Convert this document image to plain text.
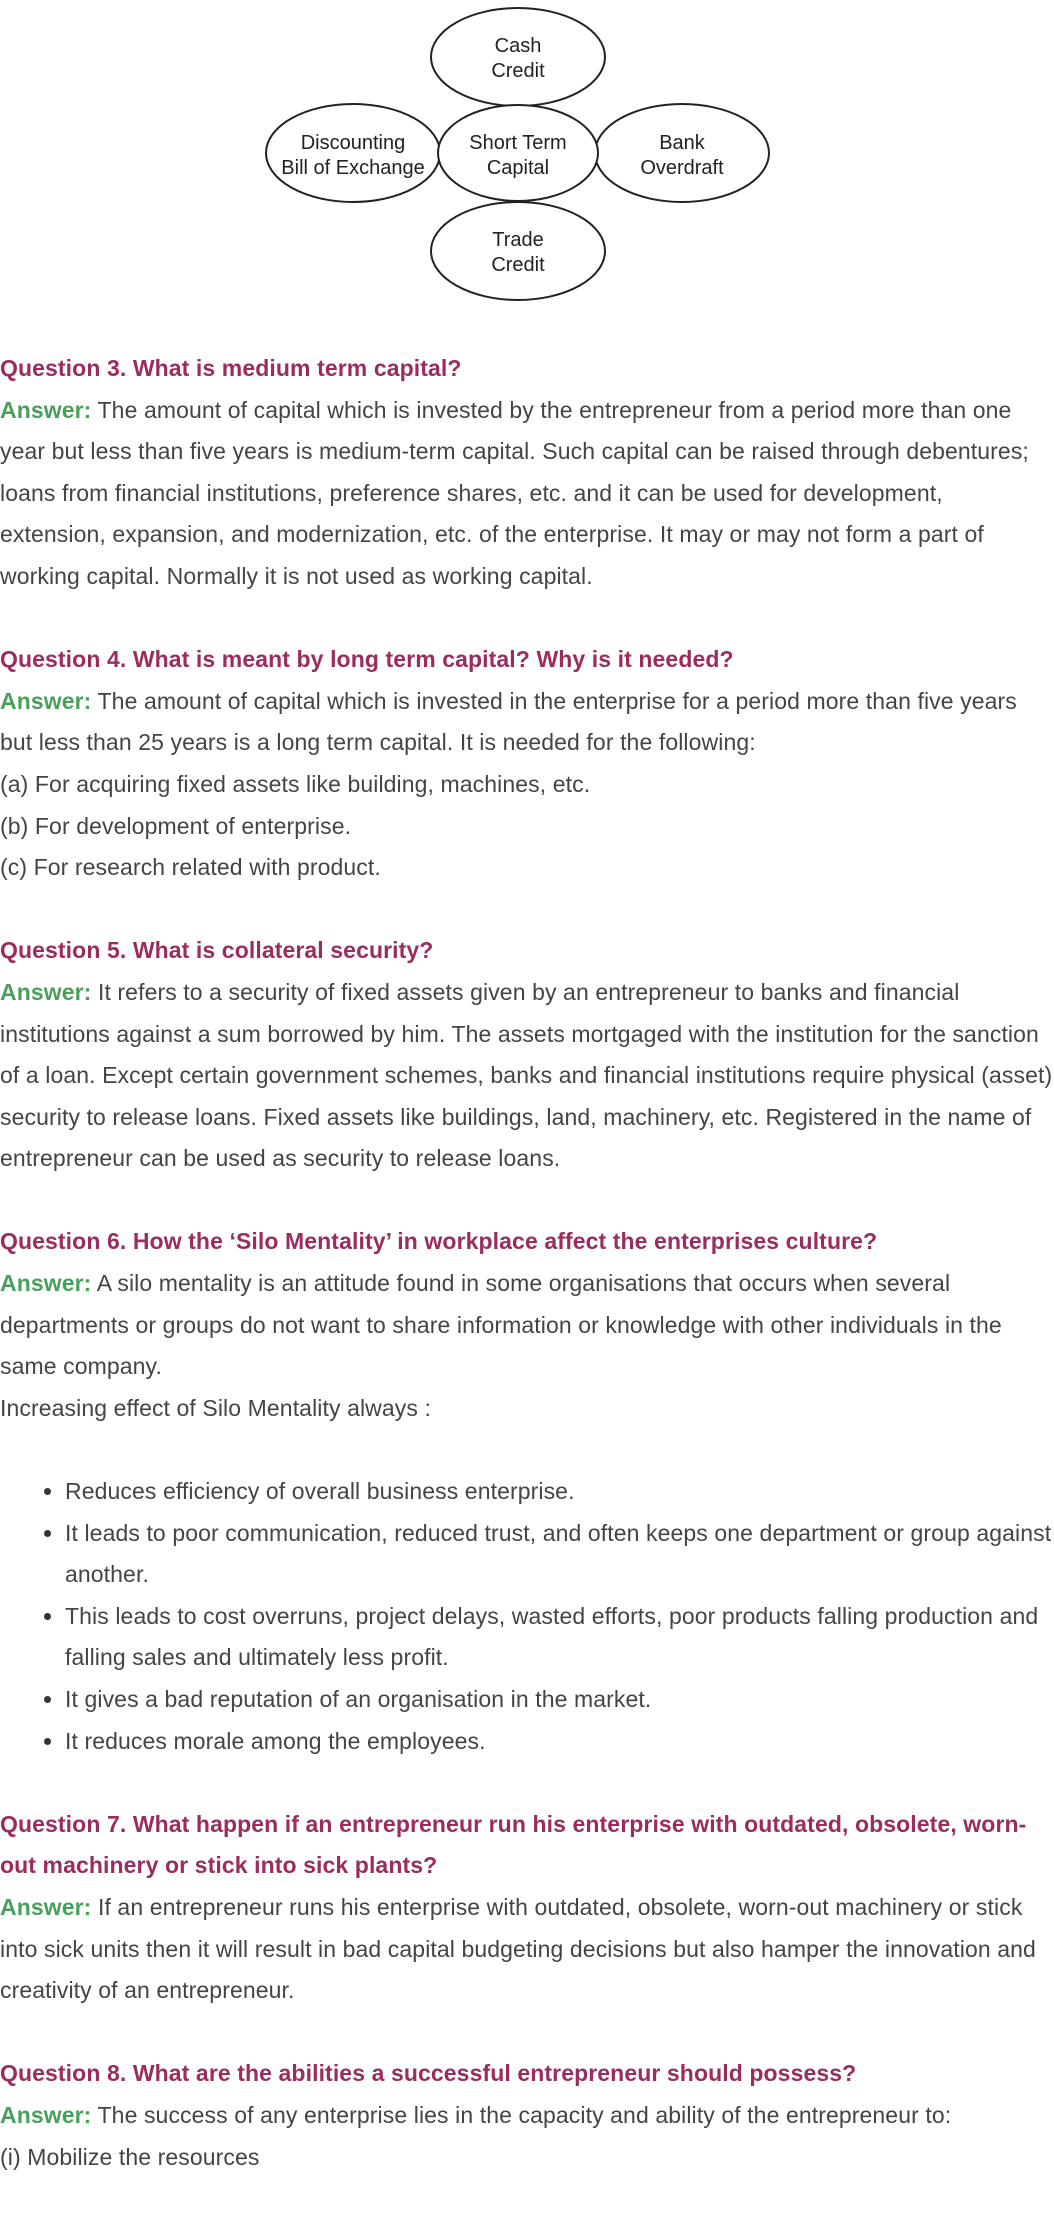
Cash
Credit
Discounting
Bill of Exchange
Bank
Overdraft
Trade
Credit
Short Term
Capital
Question 3. What is medium term capital?
Answer: The amount of capital which is invested by the entrepreneur from a period more than one year but less than five years is medium-term capital. Such capital can be raised through debentures; loans from financial institutions, preference shares, etc. and it can be used for development, extension, expansion, and modernization, etc. of the enterprise. It may or may not form a part of working capital. Normally it is not used as working capital.
Question 4. What is meant by long term capital? Why is it needed?
Answer: The amount of capital which is invested in the enterprise for a period more than five years but less than 25 years is a long term capital. It is needed for the following:
(a) For acquiring fixed assets like building, machines, etc.
(b) For development of enterprise.
(c) For research related with product.
Question 5. What is collateral security?
Answer: It refers to a security of fixed assets given by an entrepreneur to banks and financial institutions against a sum borrowed by him. The assets mortgaged with the institution for the sanction of a loan. Except certain government schemes, banks and financial institutions require physical (asset) security to release loans. Fixed assets like buildings, land, machinery, etc. Registered in the name of entrepreneur can be used as security to release loans.
Question 6. How the ‘Silo Mentality’ in workplace affect the enterprises culture?
Answer: A silo mentality is an attitude found in some organisations that occurs when several departments or groups do not want to share information or knowledge with other individuals in the same company.
Increasing effect of Silo Mentality always :
• Reduces efficiency of overall business enterprise.
• It leads to poor communication, reduced trust, and often keeps one department or group against another.
• This leads to cost overruns, project delays, wasted efforts, poor products falling production and falling sales and ultimately less profit.
• It gives a bad reputation of an organisation in the market.
• It reduces morale among the employees.
Question 7. What happen if an entrepreneur run his enterprise with outdated, obsolete, worn-out machinery or stick into sick plants?
Answer: If an entrepreneur runs his enterprise with outdated, obsolete, worn-out machinery or stick into sick units then it will result in bad capital budgeting decisions but also hamper the innovation and creativity of an entrepreneur.
Question 8. What are the abilities a successful entrepreneur should possess?
Answer: The success of any enterprise lies in the capacity and ability of the entrepreneur to:
(i) Mobilize the resources
